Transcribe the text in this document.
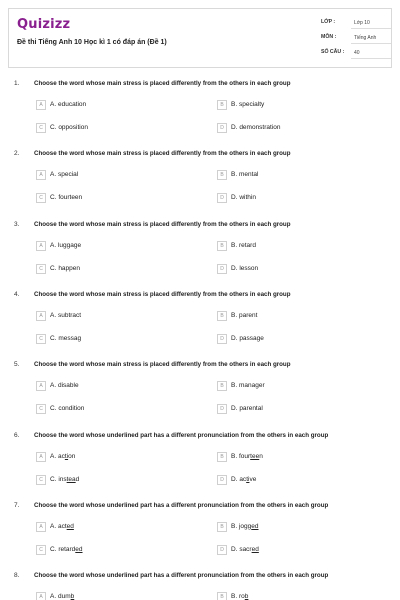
Quizizz
Đề thi Tiếng Anh 10 Học kì 1 có đáp án (Đề 1)
LỚP :	Lớp 10
MÔN :	Tiếng Anh
SỐ CÂU :	40
1. Choose the word whose main stress is placed differently from the others in each group
A	A. education	B	B. specialty
C	C. opposition	D	D. demonstration
2. Choose the word whose main stress is placed differently from the others in each group
A	A. special	B	B. mental
C	C. fourteen	D	D. within
3. Choose the word whose main stress is placed differently from the others in each group
A	A. luggage	B	B. retard
C	C. happen	D	D. lesson
4. Choose the word whose main stress is placed differently from the others in each group
A	A. subtract	B	B. parent
C	C. messag	D	D. passage
5. Choose the word whose main stress is placed differently from the others in each group
A	A. disable	B	B. manager
C	C. condition	D	D. parental
6. Choose the word whose underlined part has a different pronunciation from the others in each group
A	A. action	B	B. fourteen
C	C. instead	D	D. active
7. Choose the word whose underlined part has a different pronunciation from the others in each group
A	A. acted	B	B. jogged
C	C. retarded	D	D. sacred
8. Choose the word whose underlined part has a different pronunciation from the others in each group
A	A. dumb	B	B. rob
